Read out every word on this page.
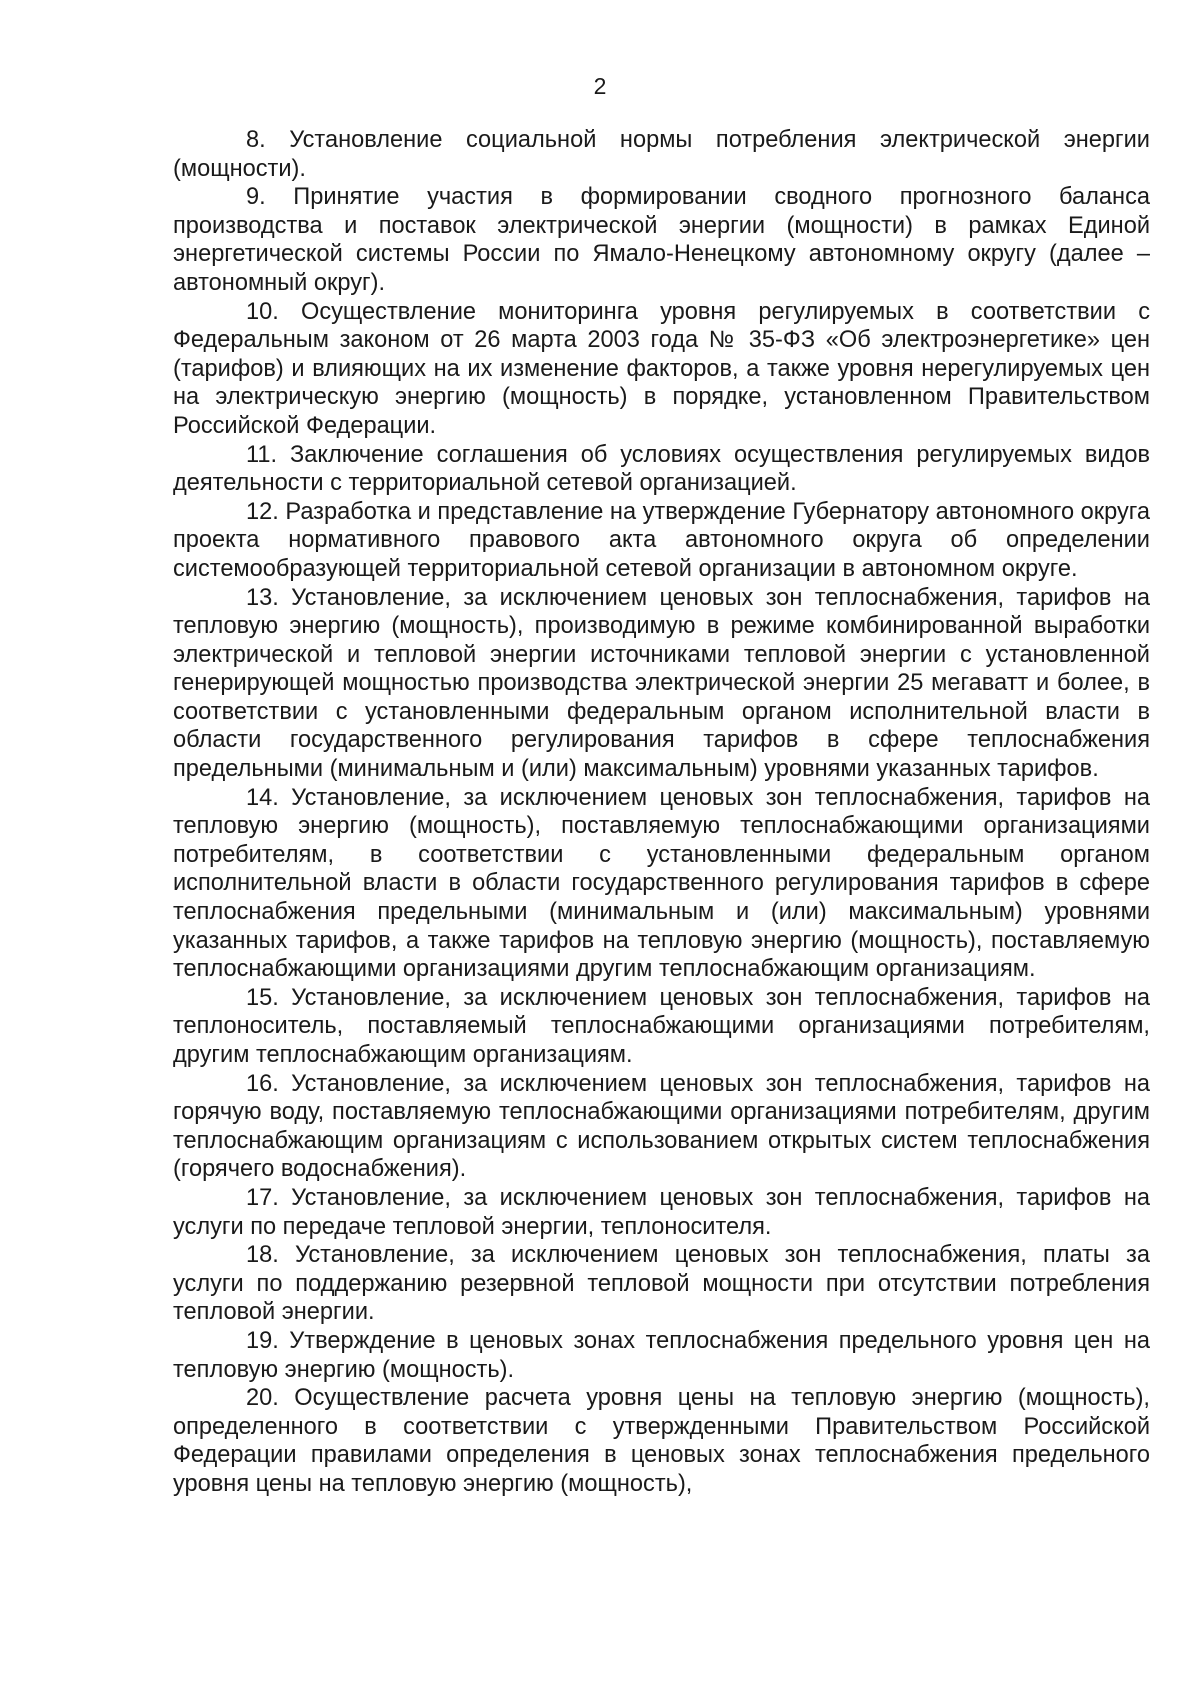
2

8. Установление социальной нормы потребления электрической энергии (мощности).

9. Принятие участия в формировании сводного прогнозного баланса производства и поставок электрической энергии (мощности) в рамках Единой энергетической системы России по Ямало-Ненецкому автономному округу (далее – автономный округ).

10. Осуществление мониторинга уровня регулируемых в соответствии с Федеральным законом от 26 марта 2003 года № 35-ФЗ «Об электроэнергетике» цен (тарифов) и влияющих на их изменение факторов, а также уровня нерегулируемых цен на электрическую энергию (мощность) в порядке, установленном Правительством Российской Федерации.

11. Заключение соглашения об условиях осуществления регулируемых видов деятельности с территориальной сетевой организацией.

12. Разработка и представление на утверждение Губернатору автономного округа проекта нормативного правового акта автономного округа об определении системообразующей территориальной сетевой организации в автономном округе.

13. Установление, за исключением ценовых зон теплоснабжения, тарифов на тепловую энергию (мощность), производимую в режиме комбинированной выработки электрической и тепловой энергии источниками тепловой энергии с установленной генерирующей мощностью производства электрической энергии 25 мегаватт и более, в соответствии с установленными федеральным органом исполнительной власти в области государственного регулирования тарифов в сфере теплоснабжения предельными (минимальным и (или) максимальным) уровнями указанных тарифов.

14. Установление, за исключением ценовых зон теплоснабжения, тарифов на тепловую энергию (мощность), поставляемую теплоснабжающими организациями потребителям, в соответствии с установленными федеральным органом исполнительной власти в области государственного регулирования тарифов в сфере теплоснабжения предельными (минимальным и (или) максимальным) уровнями указанных тарифов, а также тарифов на тепловую энергию (мощность), поставляемую теплоснабжающими организациями другим теплоснабжающим организациям.

15. Установление, за исключением ценовых зон теплоснабжения, тарифов на теплоноситель, поставляемый теплоснабжающими организациями потребителям, другим теплоснабжающим организациям.

16. Установление, за исключением ценовых зон теплоснабжения, тарифов на горячую воду, поставляемую теплоснабжающими организациями потребителям, другим теплоснабжающим организациям с использованием открытых систем теплоснабжения (горячего водоснабжения).

17. Установление, за исключением ценовых зон теплоснабжения, тарифов на услуги по передаче тепловой энергии, теплоносителя.

18. Установление, за исключением ценовых зон теплоснабжения, платы за услуги по поддержанию резервной тепловой мощности при отсутствии потребления тепловой энергии.

19. Утверждение в ценовых зонах теплоснабжения предельного уровня цен на тепловую энергию (мощность).

20. Осуществление расчета уровня цены на тепловую энергию (мощность), определенного в соответствии с утвержденными Правительством Российской Федерации правилами определения в ценовых зонах теплоснабжения предельного уровня цены на тепловую энергию (мощность),
